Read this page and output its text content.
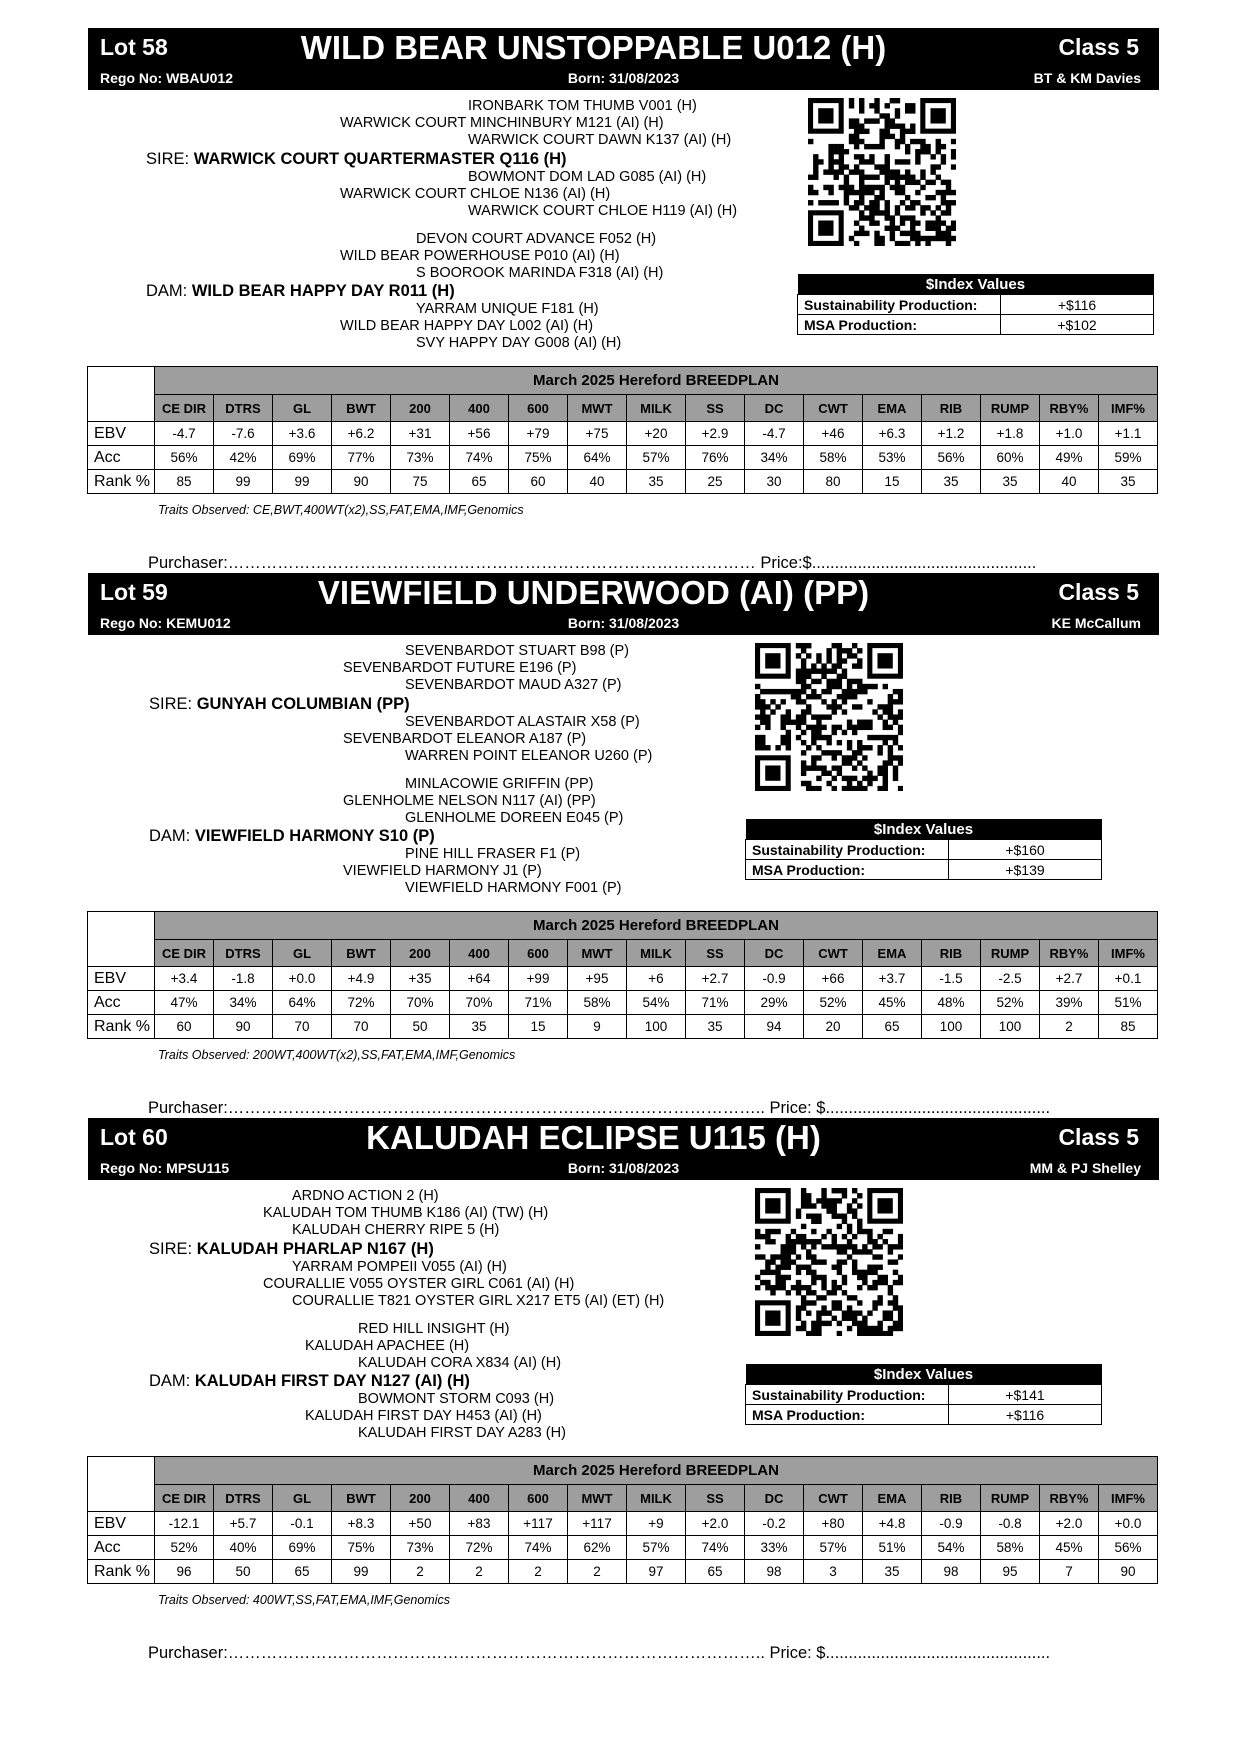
Lot 58	WILD BEAR UNSTOPPABLE U012 (H)	Class 5
Rego No: WBAU012	Born: 31/08/2023	BT & KM Davies
IRONBARK TOM THUMB V001 (H)
WARWICK COURT MINCHINBURY M121 (AI) (H)
WARWICK COURT DAWN K137 (AI) (H)
SIRE: WARWICK COURT QUARTERMASTER Q116 (H)
BOWMONT DOM LAD G085 (AI) (H)
WARWICK COURT CHLOE N136 (AI) (H)
WARWICK COURT CHLOE H119 (AI) (H)
DEVON COURT ADVANCE F052 (H)
WILD BEAR POWERHOUSE P010 (AI) (H)
S BOOROOK MARINDA F318 (AI) (H)
DAM: WILD BEAR HAPPY DAY R011 (H)
YARRAM UNIQUE F181 (H)
WILD BEAR HAPPY DAY L002 (AI) (H)
SVY HAPPY DAY G008 (AI) (H)
$Index Values	
Sustainability Production:	+$116
MSA Production:	+$102
	March 2025 Hereford BREEDPLAN																
	CE DIR	DTRS	GL	BWT	200	400	600	MWT	MILK	SS	DC	CWT	EMA	RIB	RUMP	RBY%	IMF%
EBV	-4.7	-7.6	+3.6	+6.2	+31	+56	+79	+75	+20	+2.9	-4.7	+46	+6.3	+1.2	+1.8	+1.0	+1.1
Acc	56%	42%	69%	77%	73%	74%	75%	64%	57%	76%	34%	58%	53%	56%	60%	49%	59%
Rank %	85	99	99	90	75	65	60	40	35	25	30	80	15	35	35	40	35
Traits Observed: CE,BWT,400WT(x2),SS,FAT,EMA,IMF,Genomics
Purchaser:…………………………………………………………………………………… Price:$.................................................
Lot 59	VIEWFIELD UNDERWOOD (AI) (PP)	Class 5
Rego No: KEMU012	Born: 31/08/2023	KE McCallum
SEVENBARDOT STUART B98 (P)
SEVENBARDOT FUTURE E196 (P)
SEVENBARDOT MAUD A327 (P)
SIRE: GUNYAH COLUMBIAN (PP)
SEVENBARDOT ALASTAIR X58 (P)
SEVENBARDOT ELEANOR A187 (P)
WARREN POINT ELEANOR U260 (P)
MINLACOWIE GRIFFIN (PP)
GLENHOLME NELSON N117 (AI) (PP)
GLENHOLME DOREEN E045 (P)
DAM: VIEWFIELD HARMONY S10 (P)
PINE HILL FRASER F1 (P)
VIEWFIELD HARMONY J1 (P)
VIEWFIELD HARMONY F001 (P)
$Index Values	
Sustainability Production:	+$160
MSA Production:	+$139
	March 2025 Hereford BREEDPLAN																
	CE DIR	DTRS	GL	BWT	200	400	600	MWT	MILK	SS	DC	CWT	EMA	RIB	RUMP	RBY%	IMF%
EBV	+3.4	-1.8	+0.0	+4.9	+35	+64	+99	+95	+6	+2.7	-0.9	+66	+3.7	-1.5	-2.5	+2.7	+0.1
Acc	47%	34%	64%	72%	70%	70%	71%	58%	54%	71%	29%	52%	45%	48%	52%	39%	51%
Rank %	60	90	70	70	50	35	15	9	100	35	94	20	65	100	100	2	85
Traits Observed: 200WT,400WT(x2),SS,FAT,EMA,IMF,Genomics
Purchaser:…………………………………………………………………………………….. Price: $.................................................
Lot 60	KALUDAH ECLIPSE U115 (H)	Class 5
Rego No: MPSU115	Born: 31/08/2023	MM & PJ Shelley
ARDNO ACTION 2 (H)
KALUDAH TOM THUMB K186 (AI) (TW) (H)
KALUDAH CHERRY RIPE 5 (H)
SIRE: KALUDAH PHARLAP N167 (H)
YARRAM POMPEII V055 (AI) (H)
COURALLIE V055 OYSTER GIRL C061 (AI) (H)
COURALLIE T821 OYSTER GIRL X217 ET5 (AI) (ET) (H)
RED HILL INSIGHT (H)
KALUDAH APACHEE (H)
KALUDAH CORA X834 (AI) (H)
DAM: KALUDAH FIRST DAY N127 (AI) (H)
BOWMONT STORM C093 (H)
KALUDAH FIRST DAY H453 (AI) (H)
KALUDAH FIRST DAY A283 (H)
$Index Values	
Sustainability Production:	+$141
MSA Production:	+$116
	March 2025 Hereford BREEDPLAN																
	CE DIR	DTRS	GL	BWT	200	400	600	MWT	MILK	SS	DC	CWT	EMA	RIB	RUMP	RBY%	IMF%
EBV	-12.1	+5.7	-0.1	+8.3	+50	+83	+117	+117	+9	+2.0	-0.2	+80	+4.8	-0.9	-0.8	+2.0	+0.0
Acc	52%	40%	69%	75%	73%	72%	74%	62%	57%	74%	33%	57%	51%	54%	58%	45%	56%
Rank %	96	50	65	99	2	2	2	2	97	65	98	3	35	98	95	7	90
Traits Observed: 400WT,SS,FAT,EMA,IMF,Genomics
Purchaser:…………………………………………………………………………………….. Price: $.................................................
